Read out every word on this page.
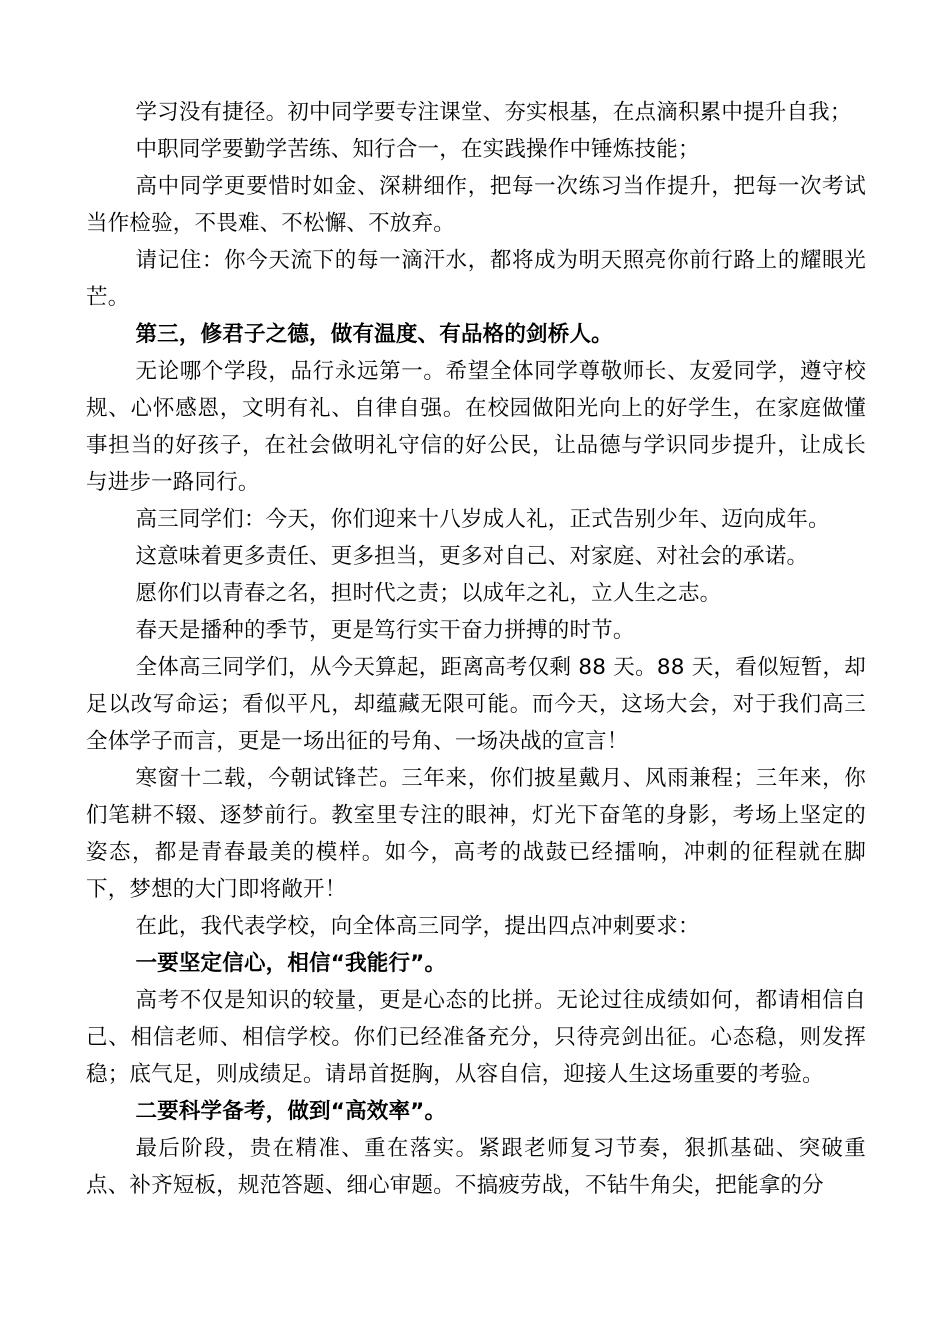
学习没有捷径。初中同学要专注课堂、夯实根基，在点滴积累中提升自我；

中职同学要勤学苦练、知行合一，在实践操作中锤炼技能；

高中同学更要惜时如金、深耕细作，把每一次练习当作提升，把每一次考试当作检验，不畏难、不松懈、不放弃。

请记住：你今天流下的每一滴汗水，都将成为明天照亮你前行路上的耀眼光芒。

第三，修君子之德，做有温度、有品格的剑桥人。

无论哪个学段，品行永远第一。希望全体同学尊敬师长、友爱同学，遵守校规、心怀感恩，文明有礼、自律自强。在校园做阳光向上的好学生，在家庭做懂事担当的好孩子，在社会做明礼守信的好公民，让品德与学识同步提升，让成长与进步一路同行。

高三同学们：今天，你们迎来十八岁成人礼，正式告别少年、迈向成年。

这意味着更多责任、更多担当，更多对自己、对家庭、对社会的承诺。

愿你们以青春之名，担时代之责；以成年之礼，立人生之志。

春天是播种的季节，更是笃行实干奋力拼搏的时节。

全体高三同学们，从今天算起，距离高考仅剩 88 天。88 天，看似短暂，却足以改写命运；看似平凡，却蕴藏无限可能。而今天，这场大会，对于我们高三全体学子而言，更是一场出征的号角、一场决战的宣言！

寒窗十二载，今朝试锋芒。三年来，你们披星戴月、风雨兼程；三年来，你们笔耕不辍、逐梦前行。教室里专注的眼神，灯光下奋笔的身影，考场上坚定的姿态，都是青春最美的模样。如今，高考的战鼓已经擂响，冲刺的征程就在脚下，梦想的大门即将敞开！

在此，我代表学校，向全体高三同学，提出四点冲刺要求：

一要坚定信心，相信“我能行”。

高考不仅是知识的较量，更是心态的比拼。无论过往成绩如何，都请相信自己、相信老师、相信学校。你们已经准备充分，只待亮剑出征。心态稳，则发挥稳；底气足，则成绩足。请昂首挺胸，从容自信，迎接人生这场重要的考验。

二要科学备考，做到“高效率”。

最后阶段，贵在精准、重在落实。紧跟老师复习节奏，狠抓基础、突破重点、补齐短板，规范答题、细心审题。不搞疲劳战，不钻牛角尖，把能拿的分
